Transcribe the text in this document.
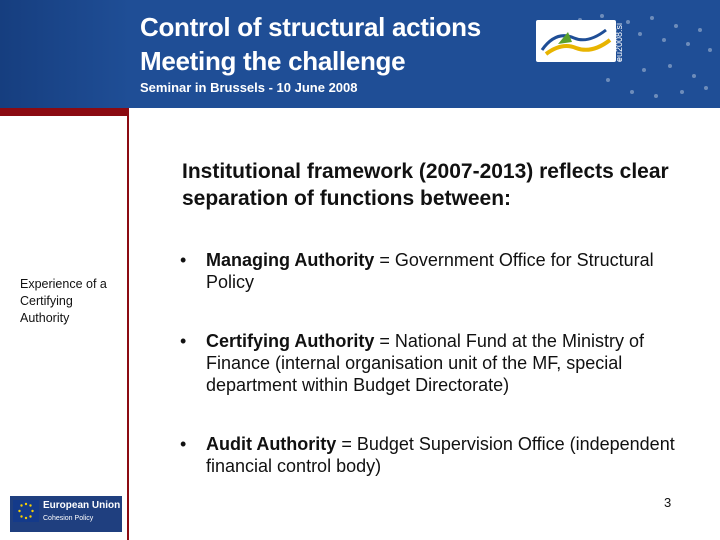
Control of structural actions
Meeting the challenge
Seminar in Brussels - 10 June 2008
eu2008.si
Experience of a Certifying Authority
European Union
Cohesion Policy
Institutional framework (2007-2013) reflects clear separation of functions between:
• Managing Authority = Government Office for Structural Policy
• Certifying Authority = National Fund at the Ministry of Finance (internal organisation unit of the MF, special department within Budget Directorate)
• Audit Authority = Budget Supervision Office (independent financial control body)
3
